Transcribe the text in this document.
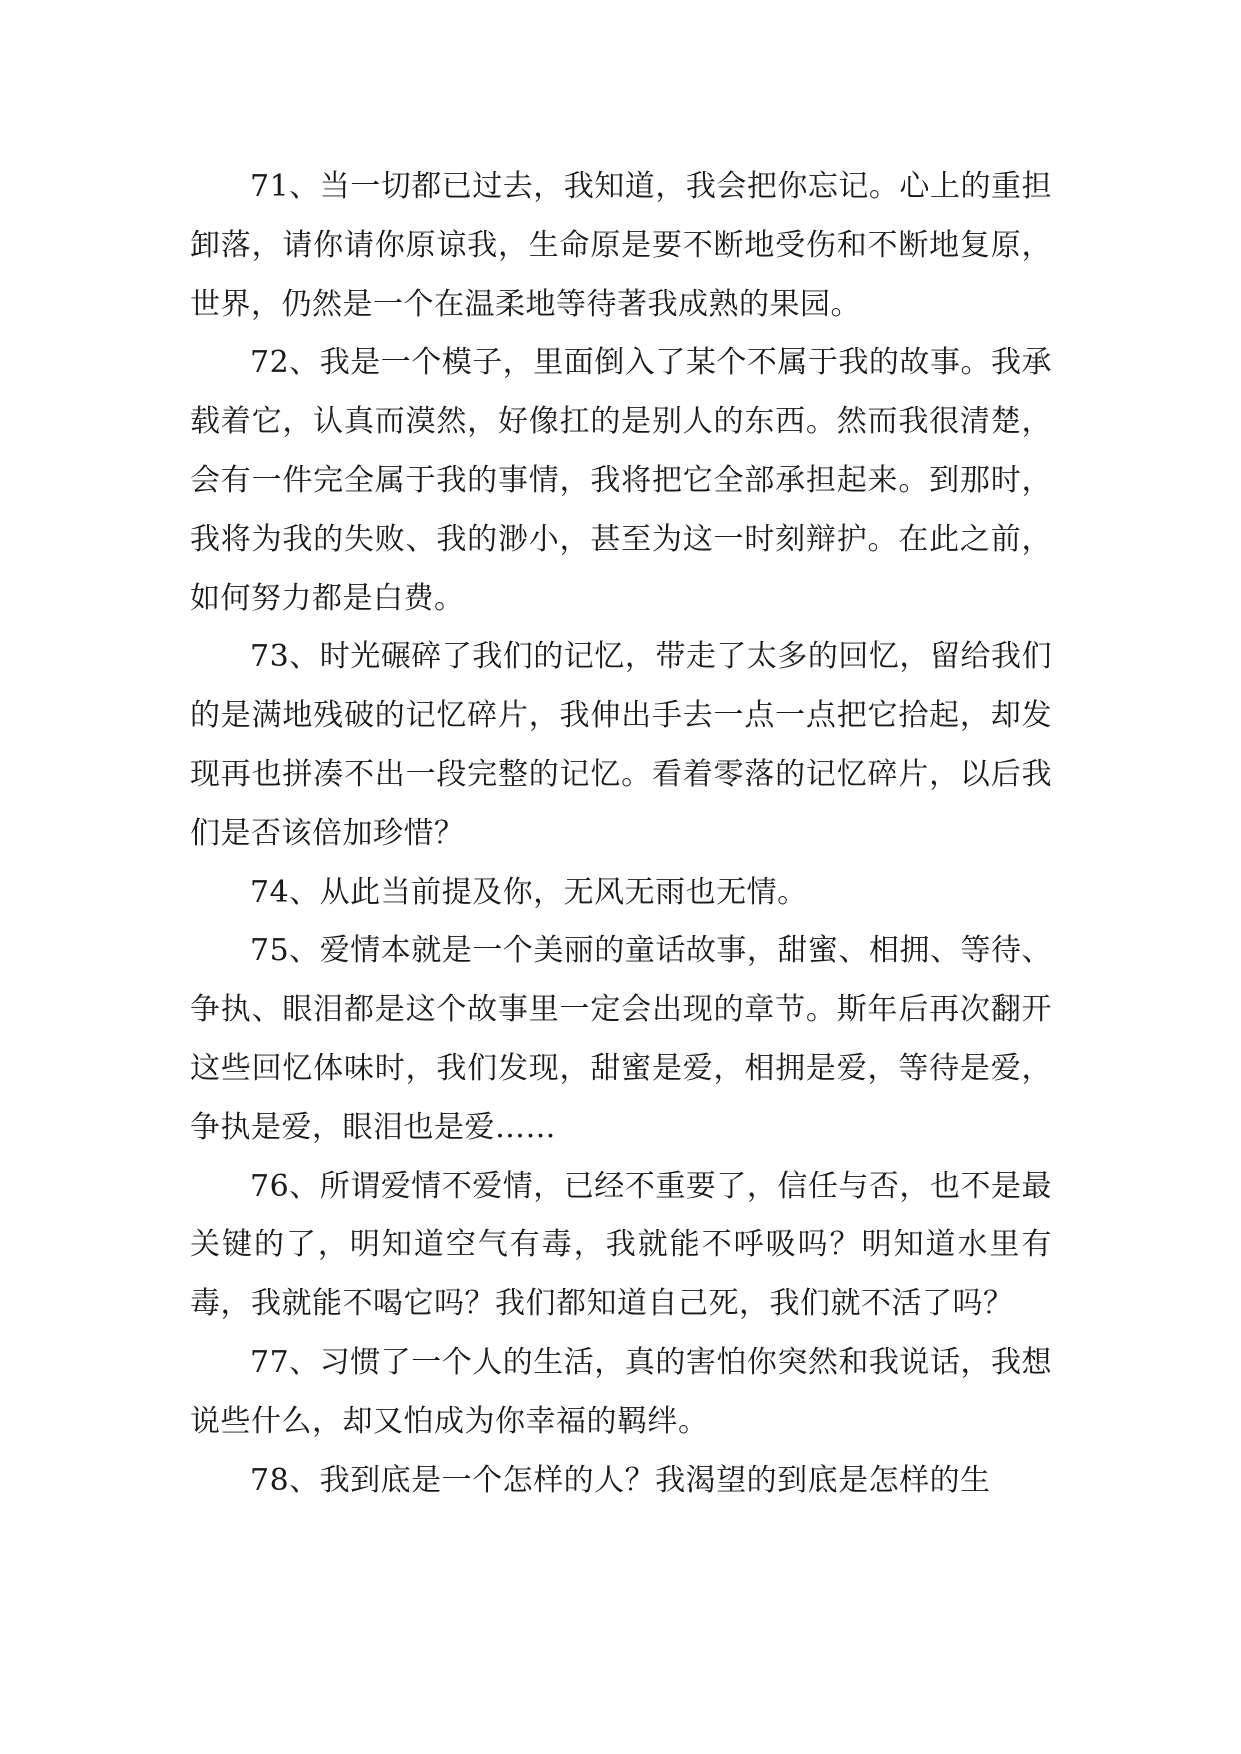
71、当一切都已过去，我知道，我会把你忘记。心上的重担卸落，请你请你原谅我，生命原是要不断地受伤和不断地复原，世界，仍然是一个在温柔地等待著我成熟的果园。

72、我是一个模子，里面倒入了某个不属于我的故事。我承载着它，认真而漠然，好像扛的是别人的东西。然而我很清楚，会有一件完全属于我的事情，我将把它全部承担起来。到那时，我将为我的失败、我的渺小，甚至为这一时刻辩护。在此之前，如何努力都是白费。

73、时光碾碎了我们的记忆，带走了太多的回忆，留给我们的是满地残破的记忆碎片，我伸出手去一点一点把它拾起，却发现再也拼凑不出一段完整的记忆。看着零落的记忆碎片，以后我们是否该倍加珍惜？

74、从此当前提及你，无风无雨也无情。

75、爱情本就是一个美丽的童话故事，甜蜜、相拥、等待、争执、眼泪都是这个故事里一定会出现的章节。斯年后再次翻开这些回忆体味时，我们发现，甜蜜是爱，相拥是爱，等待是爱，争执是爱，眼泪也是爱……

76、所谓爱情不爱情，已经不重要了，信任与否，也不是最关键的了，明知道空气有毒，我就能不呼吸吗？明知道水里有毒，我就能不喝它吗？我们都知道自己死，我们就不活了吗？

77、习惯了一个人的生活，真的害怕你突然和我说话，我想说些什么，却又怕成为你幸福的羁绊。

78、我到底是一个怎样的人？我渴望的到底是怎样的生
